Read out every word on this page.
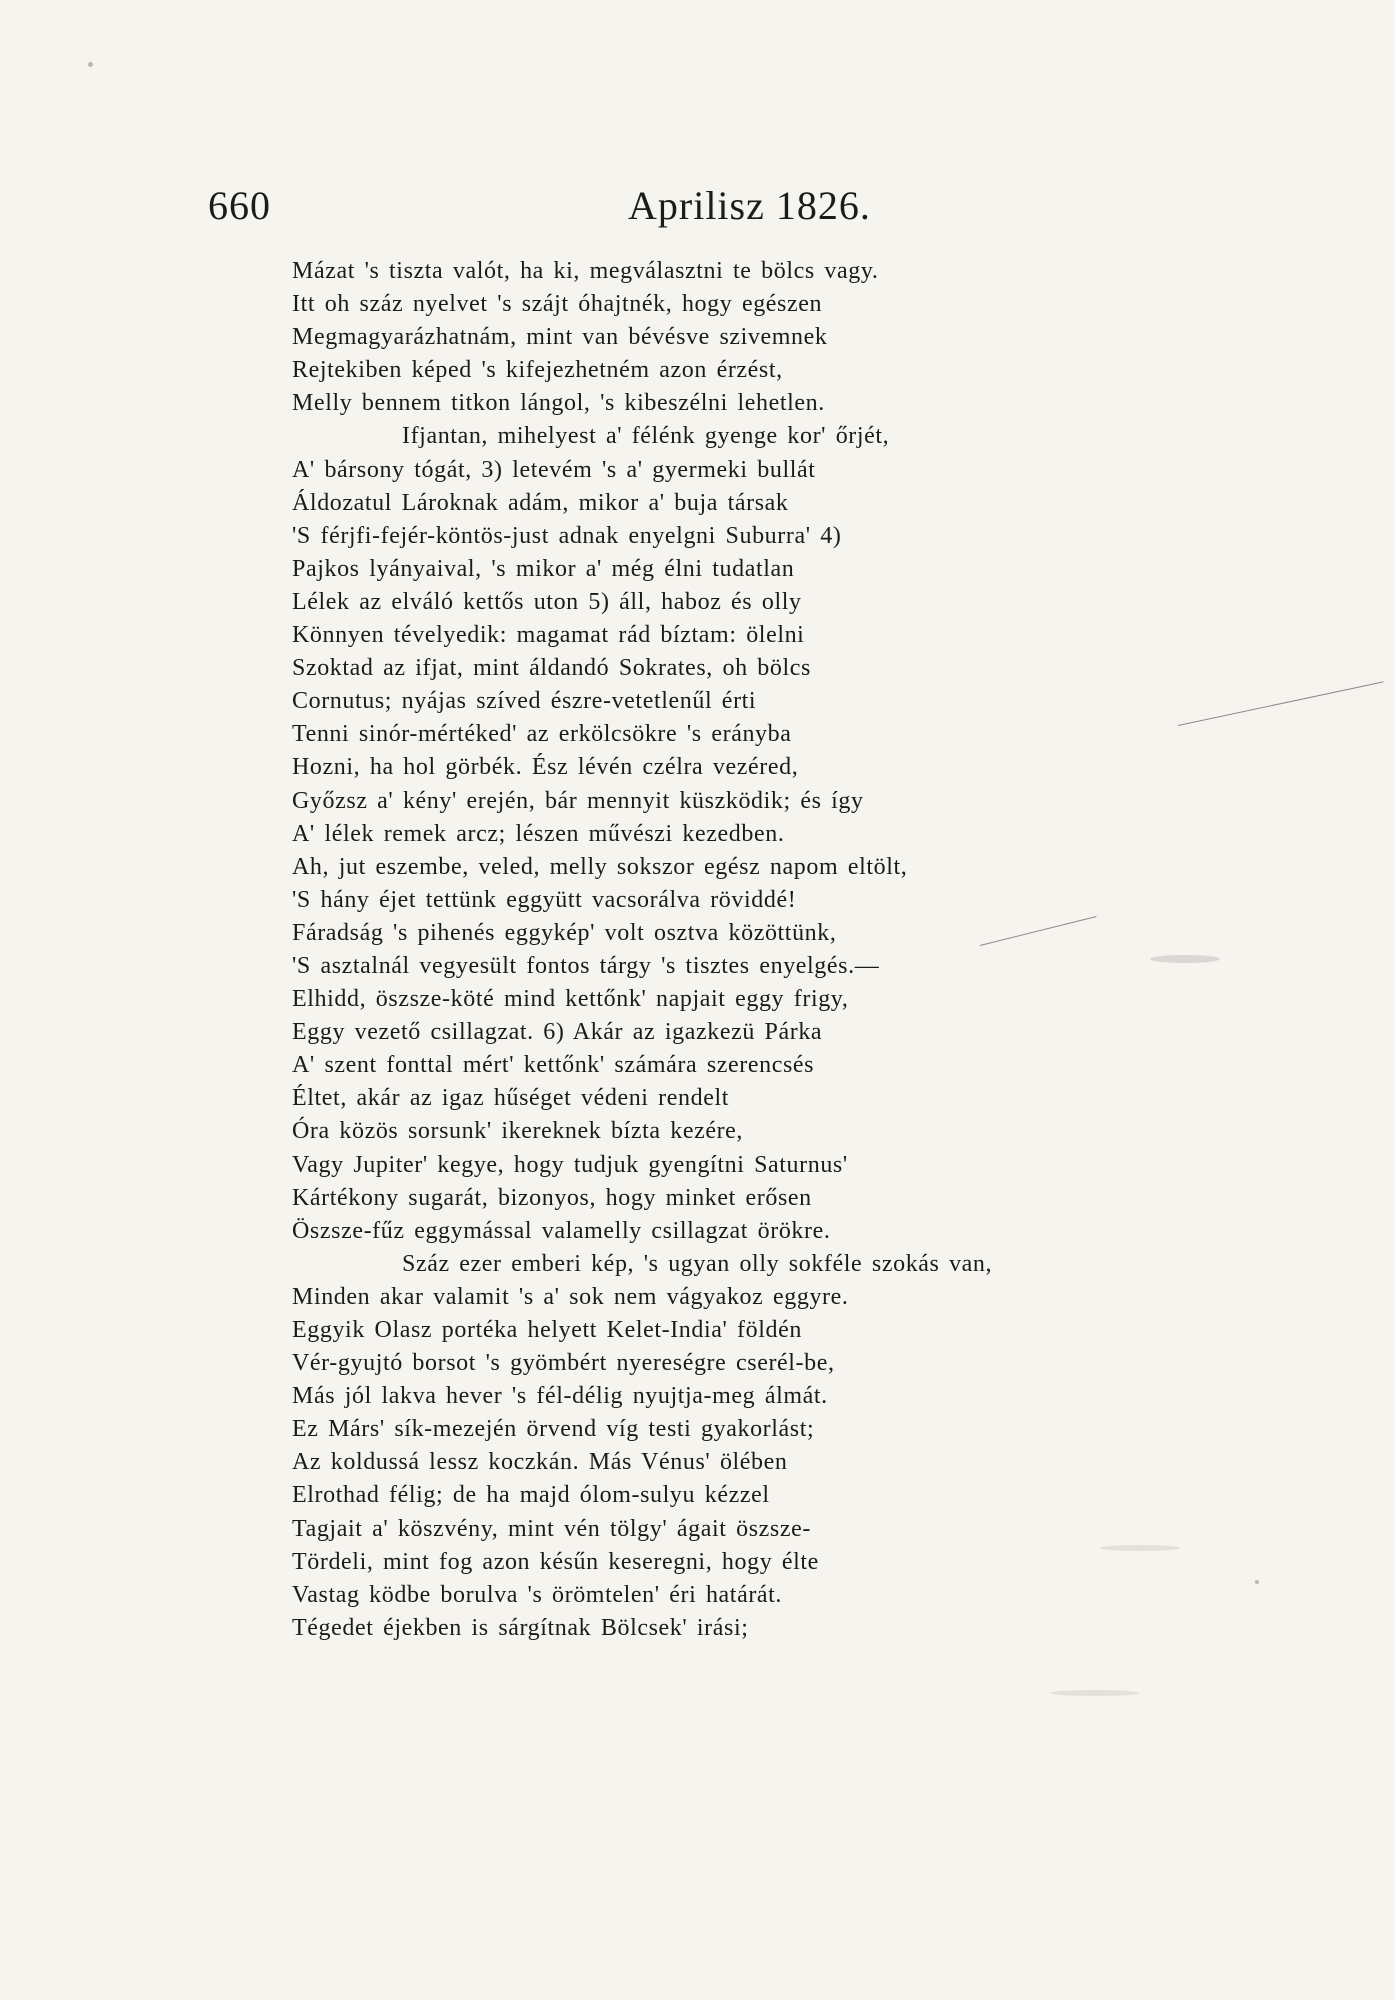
660	Aprilisz 1826.
Mázat 's tiszta valót, ha ki, megválasztni te bölcs vagy.
Itt oh száz nyelvet 's szájt óhajtnék, hogy egészen
Megmagyarázhatnám, mint van bévésve szivemnek
Rejtekiben képed 's kifejezhetném azon érzést,
Melly bennem titkon lángol, 's kibeszélni lehetlen.
Ifjantan, mihelyest a' félénk gyenge kor' őrjét,
A' bársony tógát, 3) letevém 's a' gyermeki bullát
Áldozatul Lároknak adám, mikor a' buja társak
'S férjfi-fejér-köntös-just adnak enyelgni Suburra' 4)
Pajkos lyányaival, 's mikor a' még élni tudatlan
Lélek az elváló kettős uton 5) áll, haboz és olly
Könnyen tévelyedik: magamat rád bíztam: ölelni
Szoktad az ifjat, mint áldandó Sokrates, oh bölcs
Cornutus; nyájas szíved észre-vetetlenűl érti
Tenni sinór-mértéked' az erkölcsökre 's erányba
Hozni, ha hol görbék. Ész lévén czélra vezéred,
Győzsz a' kény' erején, bár mennyit küszködik; és így
A' lélek remek arcz; lészen művészi kezedben.
Ah, jut eszembe, veled, melly sokszor egész napom eltölt,
'S hány éjet tettünk eggyütt vacsorálva röviddé!
Fáradság 's pihenés eggykép' volt osztva közöttünk,
'S asztalnál vegyesült fontos tárgy 's tisztes enyelgés.—
Elhidd, öszsze-köté mind kettőnk' napjait eggy frigy,
Eggy vezető csillagzat. 6) Akár az igazkezü Párka
A' szent fonttal mért' kettőnk' számára szerencsés
Éltet, akár az igaz hűséget védeni rendelt
Óra közös sorsunk' ikereknek bízta kezére,
Vagy Jupiter' kegye, hogy tudjuk gyengítni Saturnus'
Kártékony sugarát, bizonyos, hogy minket erősen
Öszsze-fűz eggymással valamelly csillagzat örökre.
Száz ezer emberi kép, 's ugyan olly sokféle szokás van,
Minden akar valamit 's a' sok nem vágyakoz eggyre.
Eggyik Olasz portéka helyett Kelet-India' földén
Vér-gyujtó borsot 's gyömbért nyereségre cserél-be,
Más jól lakva hever 's fél-délig nyujtja-meg álmát.
Ez Márs' sík-mezején örvend víg testi gyakorlást;
Az koldussá lessz koczkán. Más Vénus' ölében
Elrothad félig; de ha majd ólom-sulyu kézzel
Tagjait a' köszvény, mint vén tölgy' ágait öszsze-
Tördeli, mint fog azon késűn keseregni, hogy élte
Vastag ködbe borulva 's örömtelen' éri határát.
Tégedet éjekben is sárgítnak Bölcsek' irási;
